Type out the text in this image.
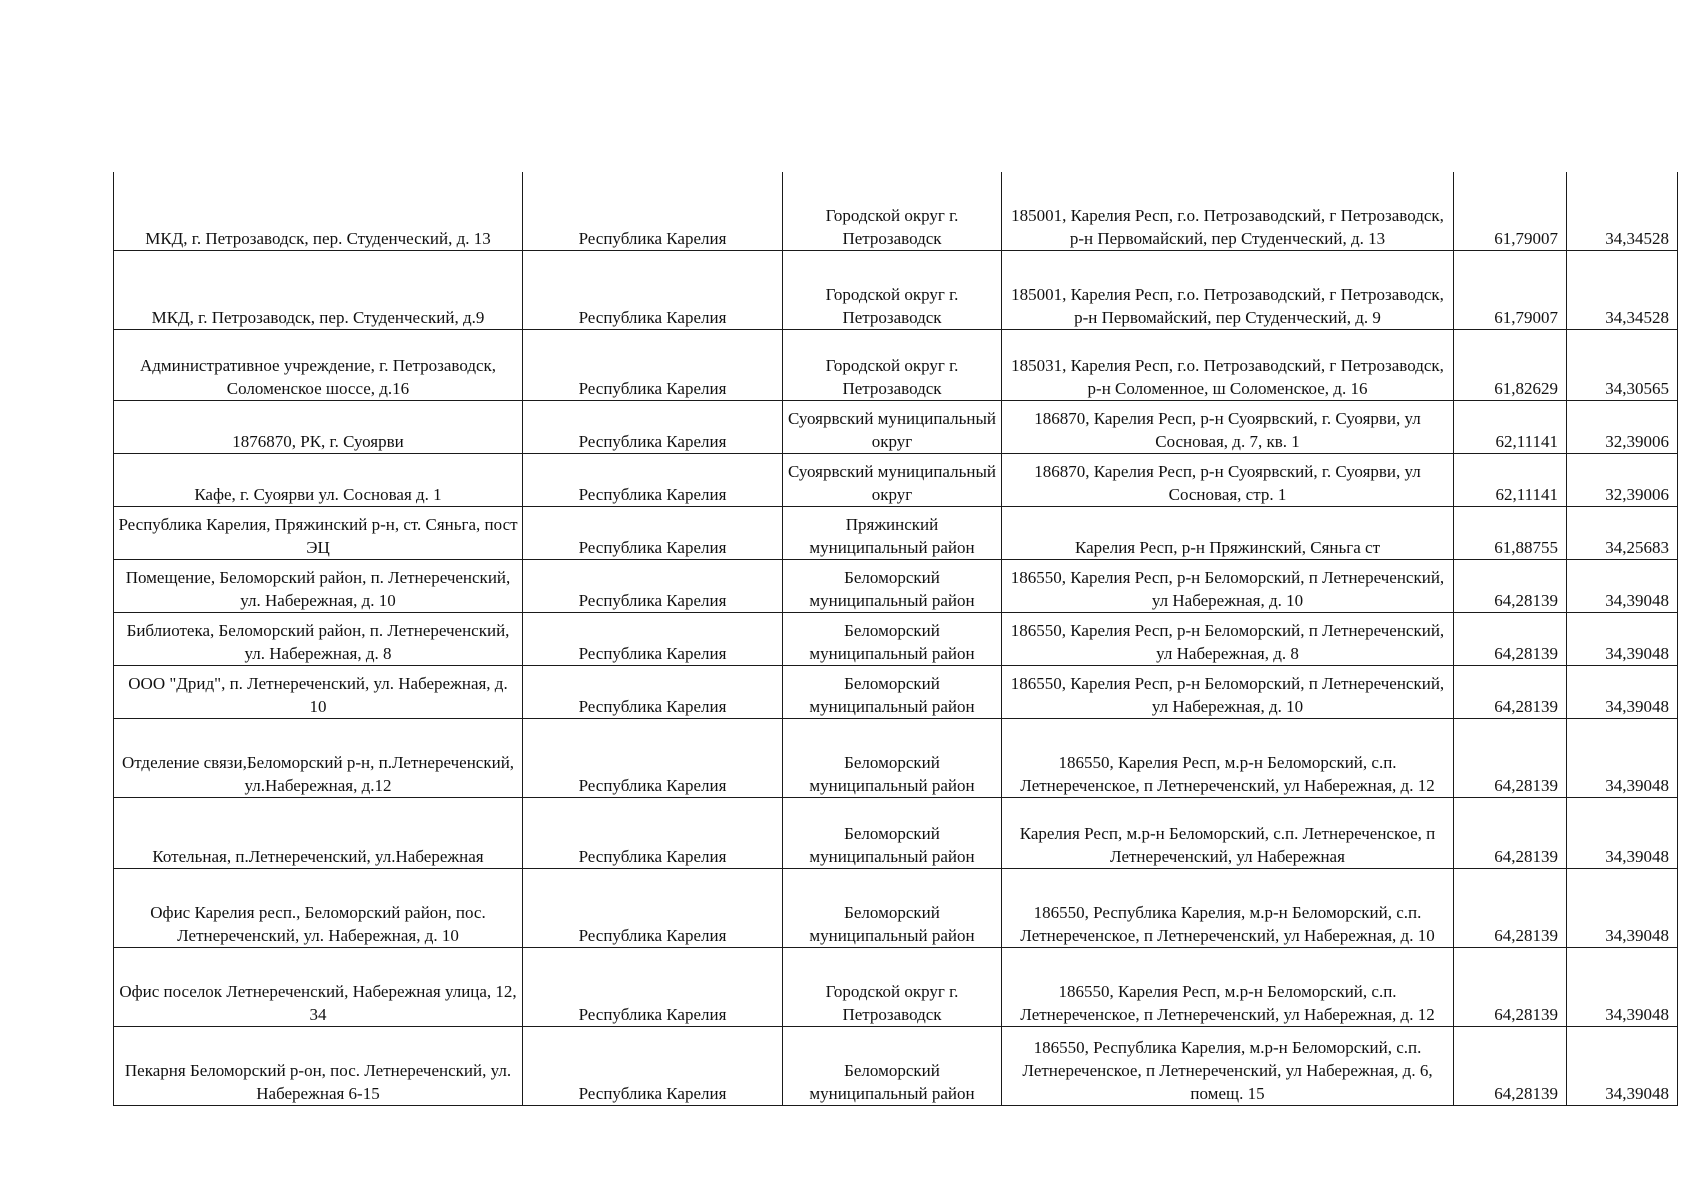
МКД, г. Петрозаводск, пер. Студенческий, д. 13	Республика Карелия	Городской округ г. Петрозаводск	185001, Карелия Респ, г.о. Петрозаводский, г Петрозаводск, р-н Первомайский, пер Студенческий, д. 13	61,79007	34,34528
МКД, г. Петрозаводск, пер. Студенческий, д.9	Республика Карелия	Городской округ г. Петрозаводск	185001, Карелия Респ, г.о. Петрозаводский, г Петрозаводск, р-н Первомайский, пер Студенческий, д. 9	61,79007	34,34528
Административное учреждение, г. Петрозаводск, Соломенское шоссе, д.16	Республика Карелия	Городской округ г. Петрозаводск	185031, Карелия Респ, г.о. Петрозаводский, г Петрозаводск, р-н Соломенное, ш Соломенское, д. 16	61,82629	34,30565
1876870, РК, г. Суоярви	Республика Карелия	Суоярвский муниципальный округ	186870, Карелия Респ, р-н Суоярвский, г. Суоярви, ул Сосновая, д. 7, кв. 1	62,11141	32,39006
Кафе, г. Суоярви ул. Сосновая д. 1	Республика Карелия	Суоярвский муниципальный округ	186870, Карелия Респ, р-н Суоярвский, г. Суоярви, ул Сосновая, стр. 1	62,11141	32,39006
Республика Карелия, Пряжинский р-н, ст. Сяньга, пост ЭЦ	Республика Карелия	Пряжинский муниципальный район	Карелия Респ, р-н Пряжинский, Сяньга ст	61,88755	34,25683
Помещение, Беломорский район, п. Летнереченский, ул. Набережная, д. 10	Республика Карелия	Беломорский муниципальный район	186550, Карелия Респ, р-н Беломорский, п Летнереченский, ул Набережная, д. 10	64,28139	34,39048
Библиотека, Беломорский район, п. Летнереченский, ул. Набережная, д. 8	Республика Карелия	Беломорский муниципальный район	186550, Карелия Респ, р-н Беломорский, п Летнереченский, ул Набережная, д. 8	64,28139	34,39048
ООО "Дрид", п. Летнереченский, ул. Набережная, д. 10	Республика Карелия	Беломорский муниципальный район	186550, Карелия Респ, р-н Беломорский, п Летнереченский, ул Набережная, д. 10	64,28139	34,39048
Отделение связи,Беломорский р-н, п.Летнереченский, ул.Набережная, д.12	Республика Карелия	Беломорский муниципальный район	186550, Карелия Респ, м.р-н Беломорский, с.п. Летнереченское, п Летнереченский, ул Набережная, д. 12	64,28139	34,39048
Котельная, п.Летнереченский, ул.Набережная	Республика Карелия	Беломорский муниципальный район	Карелия Респ, м.р-н Беломорский, с.п. Летнереченское, п Летнереченский, ул Набережная	64,28139	34,39048
Офис Карелия респ., Беломорский район, пос. Летнереченский, ул. Набережная, д. 10	Республика Карелия	Беломорский муниципальный район	186550, Республика Карелия, м.р-н Беломорский, с.п. Летнереченское, п Летнереченский, ул Набережная, д. 10	64,28139	34,39048
Офис поселок Летнереченский, Набережная улица, 12, 34	Республика Карелия	Городской округ г. Петрозаводск	186550, Карелия Респ, м.р-н Беломорский, с.п. Летнереченское, п Летнереченский, ул Набережная, д. 12	64,28139	34,39048
Пекарня Беломорский р-он, пос. Летнереченский, ул. Набережная 6-15	Республика Карелия	Беломорский муниципальный район	186550, Республика Карелия, м.р-н Беломорский, с.п. Летнереченское, п Летнереченский, ул Набережная, д. 6, помещ. 15	64,28139	34,39048
